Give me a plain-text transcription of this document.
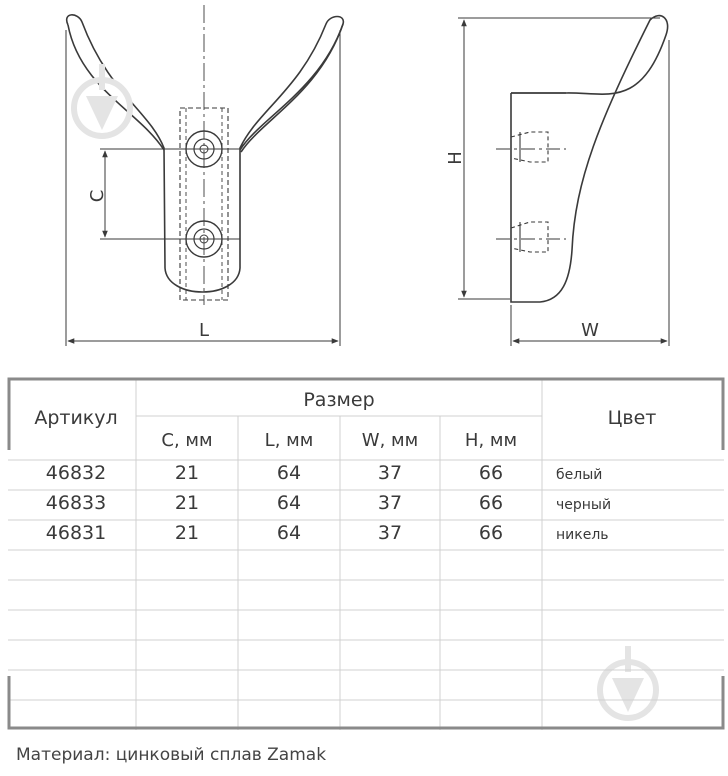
C
L
H
W
Артикул
Размер
Цвет
C, мм	L, мм	W, мм	H, мм
46832	21	64	37	66	белый
46833	21	64	37	66	черный
46831	21	64	37	66	никель
Материал: цинковый сплав Zamak
